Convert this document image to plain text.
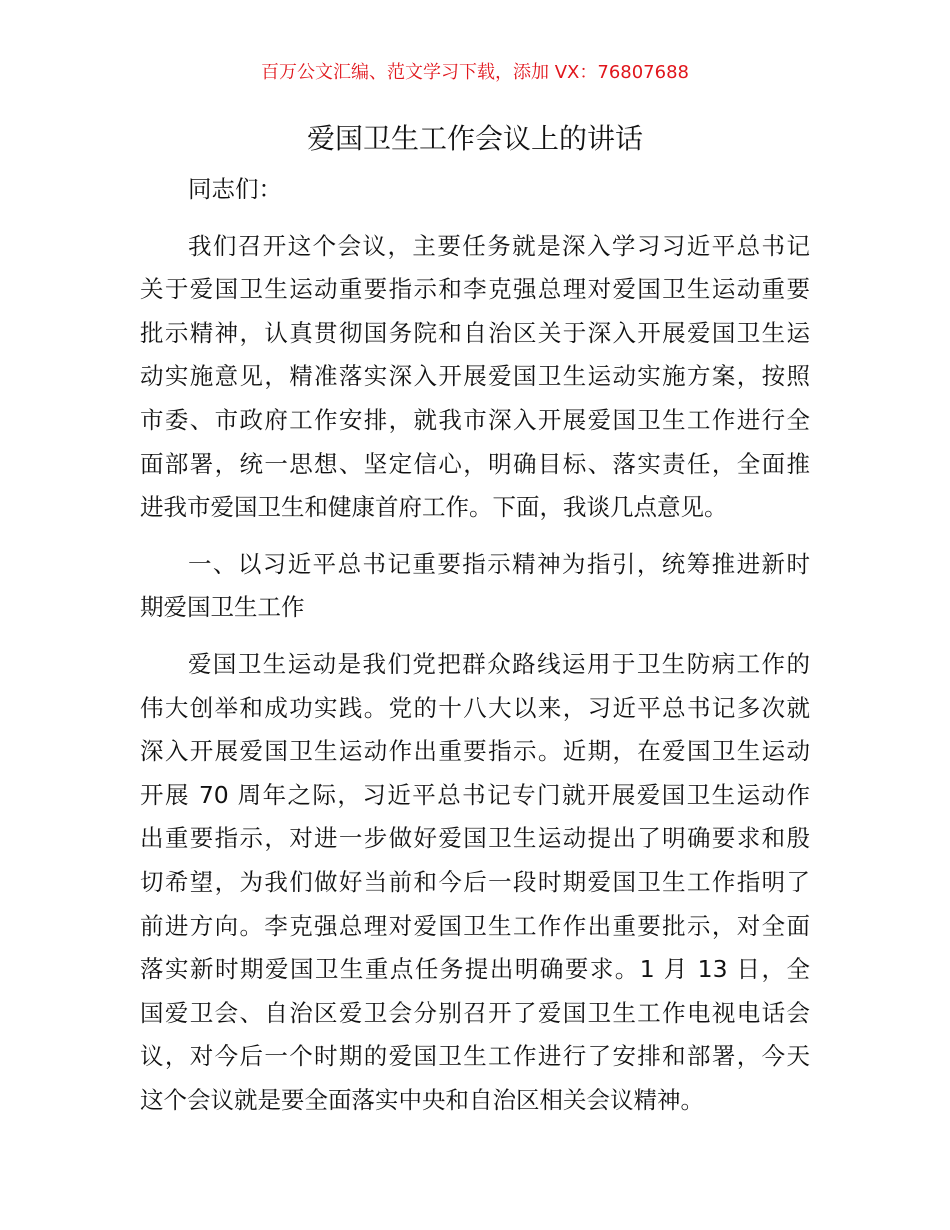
百万公文汇编、范文学习下载，添加 VX：76807688
爱国卫生工作会议上的讲话
同志们：
我们召开这个会议，主要任务就是深入学习习近平总书记
关于爱国卫生运动重要指示和李克强总理对爱国卫生运动重要
批示精神，认真贯彻国务院和自治区关于深入开展爱国卫生运
动实施意见，精准落实深入开展爱国卫生运动实施方案，按照
市委、市政府工作安排，就我市深入开展爱国卫生工作进行全
面部署，统一思想、坚定信心，明确目标、落实责任，全面推
进我市爱国卫生和健康首府工作。下面，我谈几点意见。
一、以习近平总书记重要指示精神为指引，统筹推进新时
期爱国卫生工作
爱国卫生运动是我们党把群众路线运用于卫生防病工作的
伟大创举和成功实践。党的十八大以来，习近平总书记多次就
深入开展爱国卫生运动作出重要指示。近期，在爱国卫生运动
开展 70 周年之际，习近平总书记专门就开展爱国卫生运动作
出重要指示，对进一步做好爱国卫生运动提出了明确要求和殷
切希望，为我们做好当前和今后一段时期爱国卫生工作指明了
前进方向。李克强总理对爱国卫生工作作出重要批示，对全面
落实新时期爱国卫生重点任务提出明确要求。1 月 13 日，全
国爱卫会、自治区爱卫会分别召开了爱国卫生工作电视电话会
议，对今后一个时期的爱国卫生工作进行了安排和部署，今天
这个会议就是要全面落实中央和自治区相关会议精神。
